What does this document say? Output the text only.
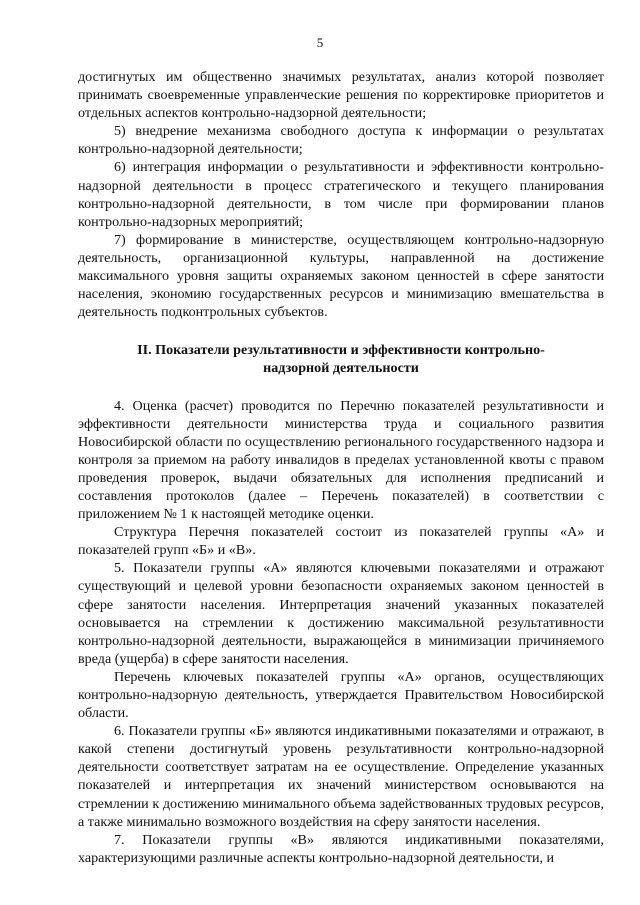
5

достигнутых им общественно значимых результатах, анализ которой позволяет принимать своевременные управленческие решения по корректировке приоритетов и отдельных аспектов контрольно-надзорной деятельности;

5) внедрение механизма свободного доступа к информации о результатах контрольно-надзорной деятельности;

6) интеграция информации о результативности и эффективности контрольно-надзорной деятельности в процесс стратегического и текущего планирования контрольно-надзорной деятельности, в том числе при формировании планов контрольно-надзорных мероприятий;

7) формирование в министерстве, осуществляющем контрольно-надзорную деятельность, организационной культуры, направленной на достижение максимального уровня защиты охраняемых законом ценностей в сфере занятости населения, экономию государственных ресурсов и минимизацию вмешательства в деятельность подконтрольных субъектов.

II. Показатели результативности и эффективности контрольно-
надзорной деятельности

4. Оценка (расчет) проводится по Перечню показателей результативности и эффективности деятельности министерства труда и социального развития Новосибирской области по осуществлению регионального государственного надзора и контроля за приемом на работу инвалидов в пределах установленной квоты с правом проведения проверок, выдачи обязательных для исполнения предписаний и составления протоколов (далее – Перечень показателей) в соответствии с приложением № 1 к настоящей методике оценки.

Структура Перечня показателей состоит из показателей группы «А» и показателей групп «Б» и «В».

5. Показатели группы «А» являются ключевыми показателями и отражают существующий и целевой уровни безопасности охраняемых законом ценностей в сфере занятости населения. Интерпретация значений указанных показателей основывается на стремлении к достижению максимальной результативности контрольно-надзорной деятельности, выражающейся в минимизации причиняемого вреда (ущерба) в сфере занятости населения.

Перечень ключевых показателей группы «А» органов, осуществляющих контрольно-надзорную деятельность, утверждается Правительством Новосибирской области.

6. Показатели группы «Б» являются индикативными показателями и отражают, в какой степени достигнутый уровень результативности контрольно-надзорной деятельности соответствует затратам на ее осуществление. Определение указанных показателей и интерпретация их значений министерством основываются на стремлении к достижению минимального объема задействованных трудовых ресурсов, а также минимально возможного воздействия на сферу занятости населения.

7. Показатели группы «В» являются индикативными показателями, характеризующими различные аспекты контрольно-надзорной деятельности, и
